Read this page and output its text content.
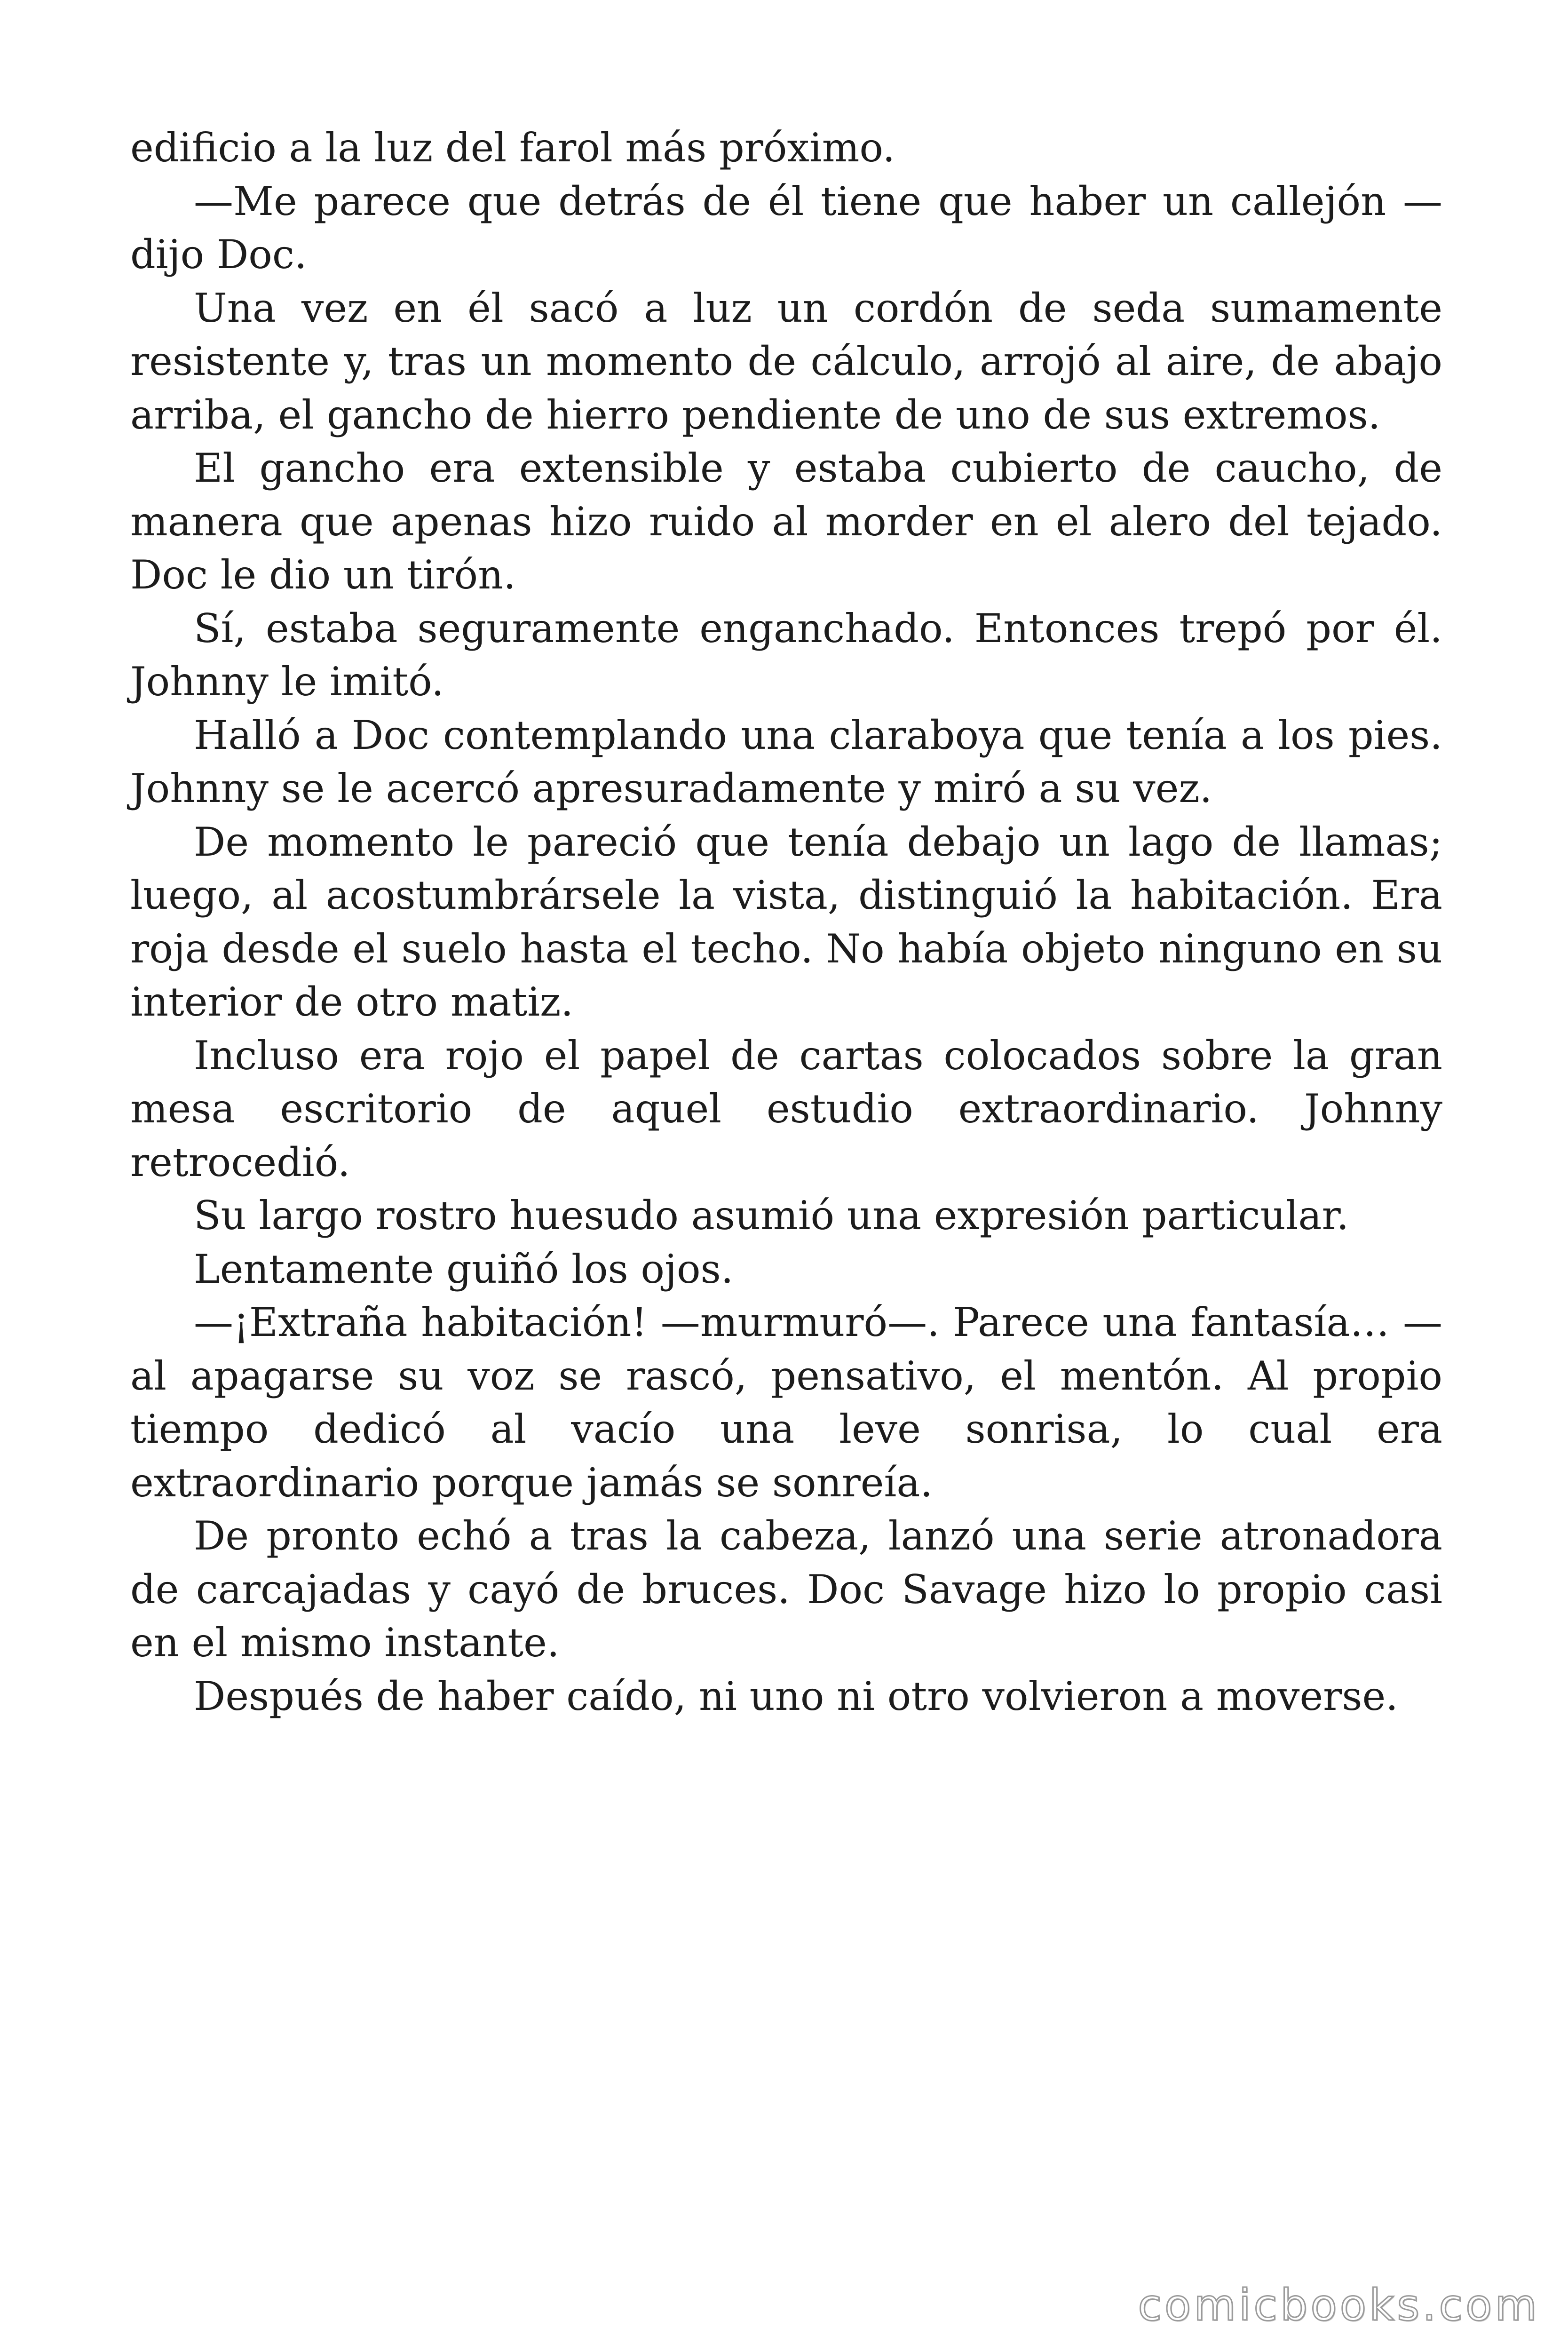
edificio a la luz del farol más próximo.

—Me parece que detrás de él tiene que haber un callejón —dijo Doc.

Una vez en él sacó a luz un cordón de seda sumamente resistente y, tras un momento de cálculo, arrojó al aire, de abajo arriba, el gancho de hierro pendiente de uno de sus extremos.

El gancho era extensible y estaba cubierto de caucho, de manera que apenas hizo ruido al morder en el alero del tejado. Doc le dio un tirón.

Sí, estaba seguramente enganchado. Entonces trepó por él. Johnny le imitó.

Halló a Doc contemplando una claraboya que tenía a los pies. Johnny se le acercó apresuradamente y miró a su vez.

De momento le pareció que tenía debajo un lago de llamas; luego, al acostumbrársele la vista, distinguió la habitación. Era roja desde el suelo hasta el techo. No había objeto ninguno en su interior de otro matiz.

Incluso era rojo el papel de cartas colocados sobre la gran mesa escritorio de aquel estudio extraordinario. Johnny retrocedió.

Su largo rostro huesudo asumió una expresión particular.

Lentamente guiñó los ojos.

—¡Extraña habitación! —murmuró—. Parece una fantasía… —al apagarse su voz se rascó, pensativo, el mentón. Al propio tiempo dedicó al vacío una leve sonrisa, lo cual era extraordinario porque jamás se sonreía.

De pronto echó a tras la cabeza, lanzó una serie atronadora de carcajadas y cayó de bruces. Doc Savage hizo lo propio casi en el mismo instante.

Después de haber caído, ni uno ni otro volvieron a moverse.

comicbooks.com
